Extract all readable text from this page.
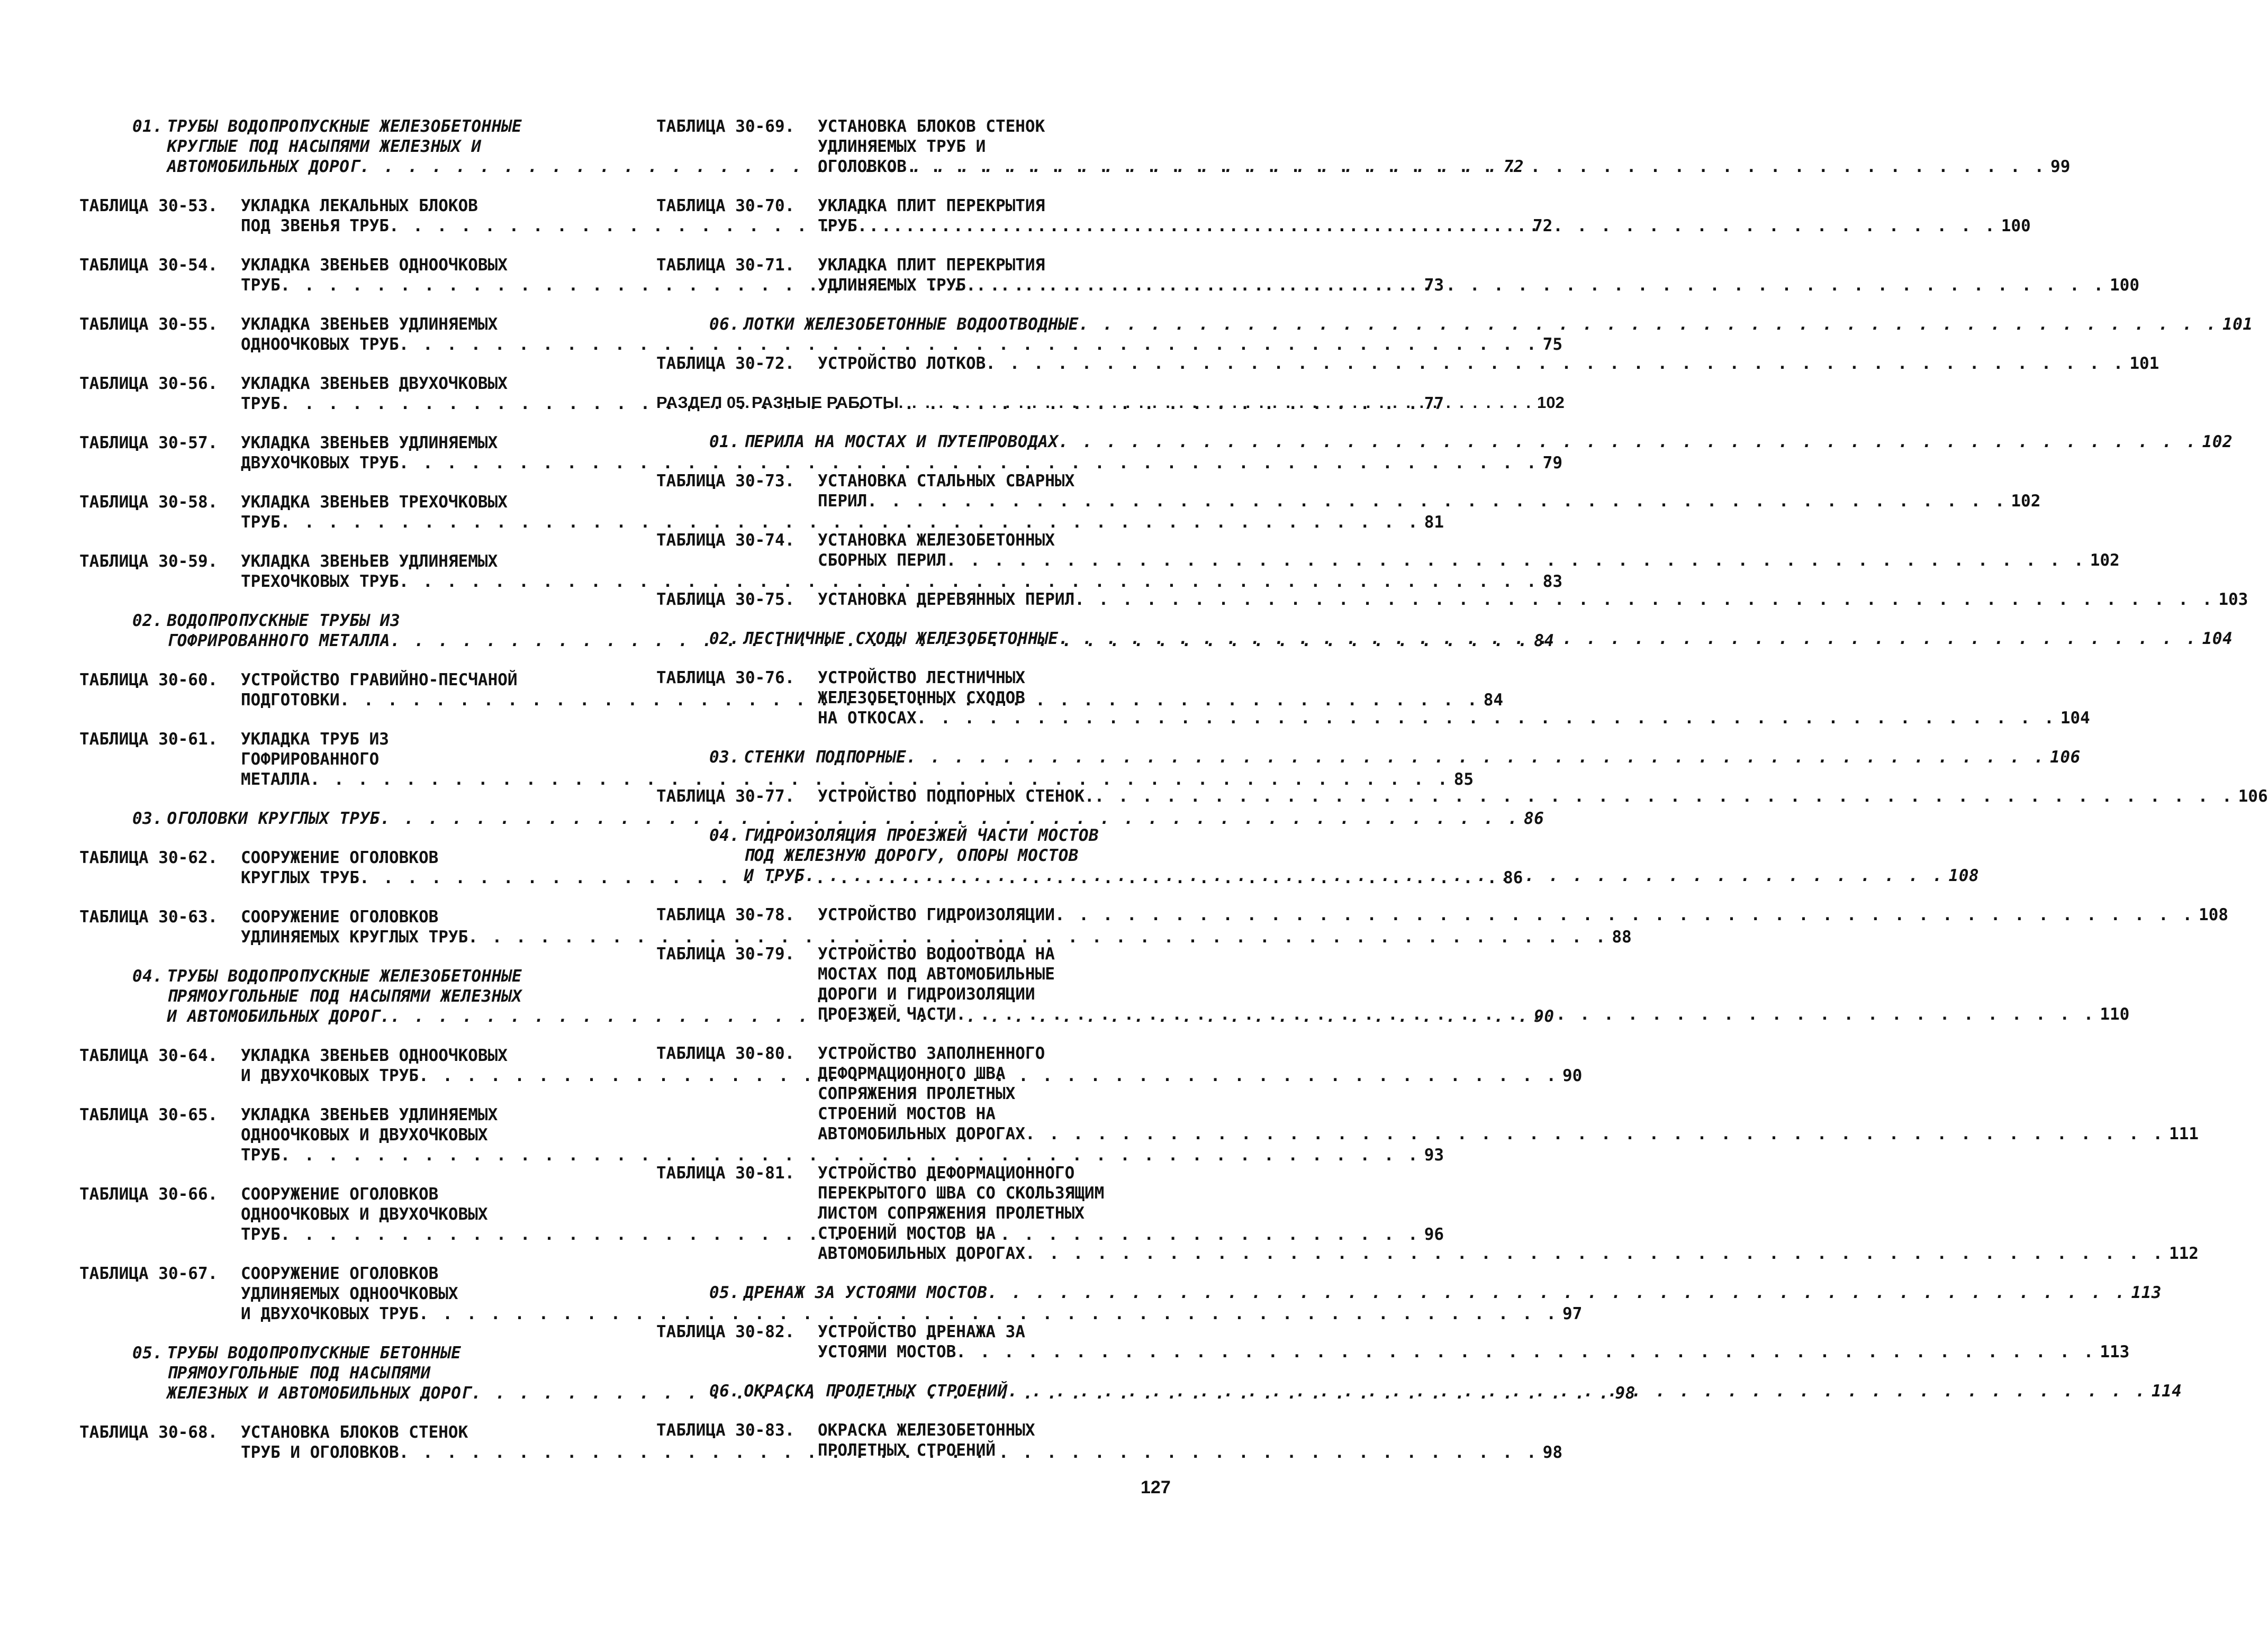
01. ТРУБЫ ВОДОПРОПУСКНЫЕ ЖЕЛЕЗОБЕТОННЫЕ
КРУГЛЫЕ ПОД НАСЫПЯМИ ЖЕЛЕЗНЫХ И
АВТОМОБИЛЬНЫХ ДОРОГ . . .	72
ТАБЛИЦА 30-53.	УКЛАДКА ЛЕКАЛЬНЫХ БЛОКОВ
ПОД ЗВЕНЬЯ ТРУБ . . .	72
ТАБЛИЦА 30-54.	УКЛАДКА ЗВЕНЬЕВ ОДНООЧКОВЫХ
ТРУБ . . .	73
ТАБЛИЦА 30-55.	УКЛАДКА ЗВЕНЬЕВ УДЛИНЯЕМЫХ
ОДНООЧКОВЫХ ТРУБ . . .	75
ТАБЛИЦА 30-56.	УКЛАДКА ЗВЕНЬЕВ ДВУХОЧКОВЫХ
ТРУБ . . .	77
ТАБЛИЦА 30-57.	УКЛАДКА ЗВЕНЬЕВ УДЛИНЯЕМЫХ
ДВУХОЧКОВЫХ ТРУБ . . .	79
ТАБЛИЦА 30-58.	УКЛАДКА ЗВЕНЬЕВ ТРЕХОЧКОВЫХ
ТРУБ . . .	81
ТАБЛИЦА 30-59.	УКЛАДКА ЗВЕНЬЕВ УДЛИНЯЕМЫХ
ТРЕХОЧКОВЫХ ТРУБ . . .	83
02. ВОДОПРОПУСКНЫЕ ТРУБЫ ИЗ
ГОФРИРОВАННОГО МЕТАЛЛА . . .	84
ТАБЛИЦА 30-60.	УСТРОЙСТВО ГРАВИЙНО-ПЕСЧАНОЙ
ПОДГОТОВКИ . . .	84
ТАБЛИЦА 30-61.	УКЛАДКА ТРУБ ИЗ
ГОФРИРОВАННОГО
МЕТАЛЛА . . .	85
03. ОГОЛОВКИ КРУГЛЫХ ТРУБ . . .	86
ТАБЛИЦА 30-62.	СООРУЖЕНИЕ ОГОЛОВКОВ
КРУГЛЫХ ТРУБ . . .	86
ТАБЛИЦА 30-63.	СООРУЖЕНИЕ ОГОЛОВКОВ
УДЛИНЯЕМЫХ КРУГЛЫХ ТРУБ . . .	88
04. ТРУБЫ ВОДОПРОПУСКНЫЕ ЖЕЛЕЗОБЕТОННЫЕ
ПРЯМОУГОЛЬНЫЕ ПОД НАСЫПЯМИ ЖЕЛЕЗНЫХ
И АВТОМОБИЛЬНЫХ ДОРОГ. . . .	90
ТАБЛИЦА 30-64.	УКЛАДКА ЗВЕНЬЕВ ОДНООЧКОВЫХ
И ДВУХОЧКОВЫХ ТРУБ . . .	90
ТАБЛИЦА 30-65.	УКЛАДКА ЗВЕНЬЕВ УДЛИНЯЕМЫХ
ОДНООЧКОВЫХ И ДВУХОЧКОВЫХ
ТРУБ . . .	93
ТАБЛИЦА 30-66.	СООРУЖЕНИЕ ОГОЛОВКОВ
ОДНООЧКОВЫХ И ДВУХОЧКОВЫХ
ТРУБ . . .	96
ТАБЛИЦА 30-67.	СООРУЖЕНИЕ ОГОЛОВКОВ
УДЛИНЯЕМЫХ ОДНООЧКОВЫХ
И ДВУХОЧКОВЫХ ТРУБ . . .	97
05. ТРУБЫ ВОДОПРОПУСКНЫЕ БЕТОННЫЕ
ПРЯМОУГОЛЬНЫЕ ПОД НАСЫПЯМИ
ЖЕЛЕЗНЫХ И АВТОМОБИЛЬНЫХ ДОРОГ . . .	98
ТАБЛИЦА 30-68.	УСТАНОВКА БЛОКОВ СТЕНОК
ТРУБ И ОГОЛОВКОВ . . .	98
ТАБЛИЦА 30-69.	УСТАНОВКА БЛОКОВ СТЕНОК
УДЛИНЯЕМЫХ ТРУБ И
ОГОЛОВКОВ . . .	99
ТАБЛИЦА 30-70.	УКЛАДКА ПЛИТ ПЕРЕКРЫТИЯ
ТРУБ . . .	100
ТАБЛИЦА 30-71.	УКЛАДКА ПЛИТ ПЕРЕКРЫТИЯ
УДЛИНЯЕМЫХ ТРУБ . . .	100
06. ЛОТКИ ЖЕЛЕЗОБЕТОННЫЕ ВОДООТВОДНЫЕ . . .	101
ТАБЛИЦА 30-72.	УСТРОЙСТВО ЛОТКОВ . . .	101
РАЗДЕЛ 05. РАЗНЫЕ РАБОТЫ . . .	102
01. ПЕРИЛА НА МОСТАХ И ПУТЕПРОВОДАХ . . .	102
ТАБЛИЦА 30-73.	УСТАНОВКА СТАЛЬНЫХ СВАРНЫХ
ПЕРИЛ . . .	102
ТАБЛИЦА 30-74.	УСТАНОВКА ЖЕЛЕЗОБЕТОННЫХ
СБОРНЫХ ПЕРИЛ . . .	102
ТАБЛИЦА 30-75.	УСТАНОВКА ДЕРЕВЯННЫХ ПЕРИЛ . . .	103
02. ЛЕСТНИЧНЫЕ СХОДЫ ЖЕЛЕЗОБЕТОННЫЕ . . .	104
ТАБЛИЦА 30-76.	УСТРОЙСТВО ЛЕСТНИЧНЫХ
ЖЕЛЕЗОБЕТОННЫХ СХОДОВ
НА ОТКОСАХ . . .	104
03. СТЕНКИ ПОДПОРНЫЕ . . .	106
ТАБЛИЦА 30-77.	УСТРОЙСТВО ПОДПОРНЫХ СТЕНОК. . . .	106
04. ГИДРОИЗОЛЯЦИЯ ПРОЕЗЖЕЙ ЧАСТИ МОСТОВ
ПОД ЖЕЛЕЗНУЮ ДОРОГУ, ОПОРЫ МОСТОВ
И ТРУБ . . .	108
ТАБЛИЦА 30-78.	УСТРОЙСТВО ГИДРОИЗОЛЯЦИИ . . .	108
ТАБЛИЦА 30-79.	УСТРОЙСТВО ВОДООТВОДА НА
МОСТАХ ПОД АВТОМОБИЛЬНЫЕ
ДОРОГИ И ГИДРОИЗОЛЯЦИИ
ПРОЕЗЖЕЙ ЧАСТИ . . .	110
ТАБЛИЦА 30-80.	УСТРОЙСТВО ЗАПОЛНЕННОГО
ДЕФОРМАЦИОННОГО ШВА
СОПРЯЖЕНИЯ ПРОЛЕТНЫХ
СТРОЕНИЙ МОСТОВ НА
АВТОМОБИЛЬНЫХ ДОРОГАХ . . .	111
ТАБЛИЦА 30-81.	УСТРОЙСТВО ДЕФОРМАЦИОННОГО
ПЕРЕКРЫТОГО ШВА СО СКОЛЬЗЯЩИМ
ЛИСТОМ СОПРЯЖЕНИЯ ПРОЛЕТНЫХ
СТРОЕНИЙ МОСТОВ НА
АВТОМОБИЛЬНЫХ ДОРОГАХ . . .	112
05. ДРЕНАЖ ЗА УСТОЯМИ МОСТОВ . . .	113
ТАБЛИЦА 30-82.	УСТРОЙСТВО ДРЕНАЖА ЗА
УСТОЯМИ МОСТОВ . . .	113
06. ОКРАСКА ПРОЛЕТНЫХ СТРОЕНИЙ . . .	114
ТАБЛИЦА 30-83.	ОКРАСКА ЖЕЛЕЗОБЕТОННЫХ
ПРОЛЕТНЫХ СТРОЕНИЙ
127
